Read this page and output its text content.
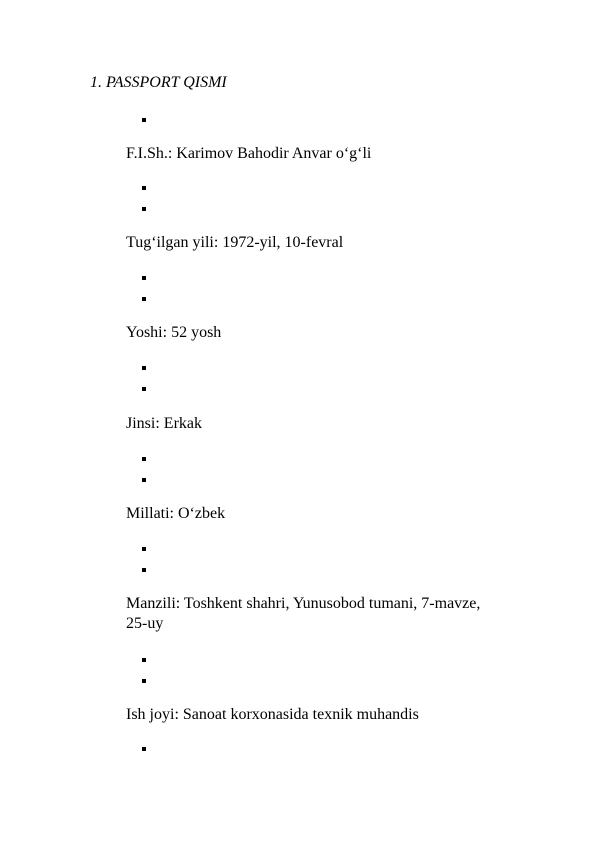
1. PASSPORT QISMI
F.I.Sh.: Karimov Bahodir Anvar o‘g‘li
Tug‘ilgan yili: 1972-yil, 10-fevral
Yoshi: 52 yosh
Jinsi: Erkak
Millati: O‘zbek
Manzili: Toshkent shahri, Yunusobod tumani, 7-mavze, 25-uy
Ish joyi: Sanoat korxonasida texnik muhandis
